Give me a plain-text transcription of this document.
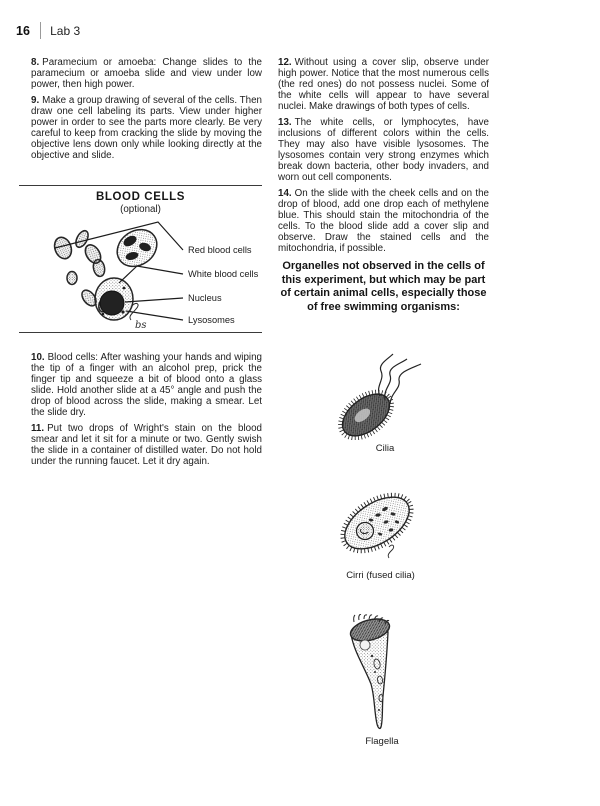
16 Lab 3

8. Paramecium or amoeba: Change slides to the paramecium or amoeba slide and view under low power, then high power.

9. Make a group drawing of several of the cells. Then draw one cell labeling its parts. View under higher power in order to see the parts more clearly. Be very careful to keep from cracking the slide by moving the objective lens down only while looking directly at the objective and slide.

BLOOD CELLS
(optional)
Red blood cells
White blood cells
Nucleus
Lysosomes
bs

10. Blood cells: After washing your hands and wiping the tip of a finger with an alcohol prep, prick the finger tip and squeeze a bit of blood onto a glass slide. Hold another slide at a 45° angle and push the drop of blood across the slide, making a smear. Let the slide dry.

11. Put two drops of Wright's stain on the blood smear and let it sit for a minute or two. Gently swish the slide in a container of distilled water. Do not hold under the running faucet. Let it dry again.

12. Without using a cover slip, observe under high power. Notice that the most numerous cells (the red ones) do not possess nuclei. Some of the white cells will appear to have several nuclei. Make drawings of both types of cells.

13. The white cells, or lymphocytes, have inclusions of different colors within the cells. They may also have visible lysosomes. The lysosomes contain very strong enzymes which break down bacteria, other body invaders, and worn out cell components.

14. On the slide with the cheek cells and on the drop of blood, add one drop each of methylene blue. This should stain the mitochondria of the cells. To the blood slide add a cover slip and observe. Draw the stained cells and the mitochondria, if possible.

Organelles not observed in the cells of this experiment, but which may be part of certain animal cells, especially those of free swimming organisms:
Cilia
Cirri (fused cilia)
Flagella
